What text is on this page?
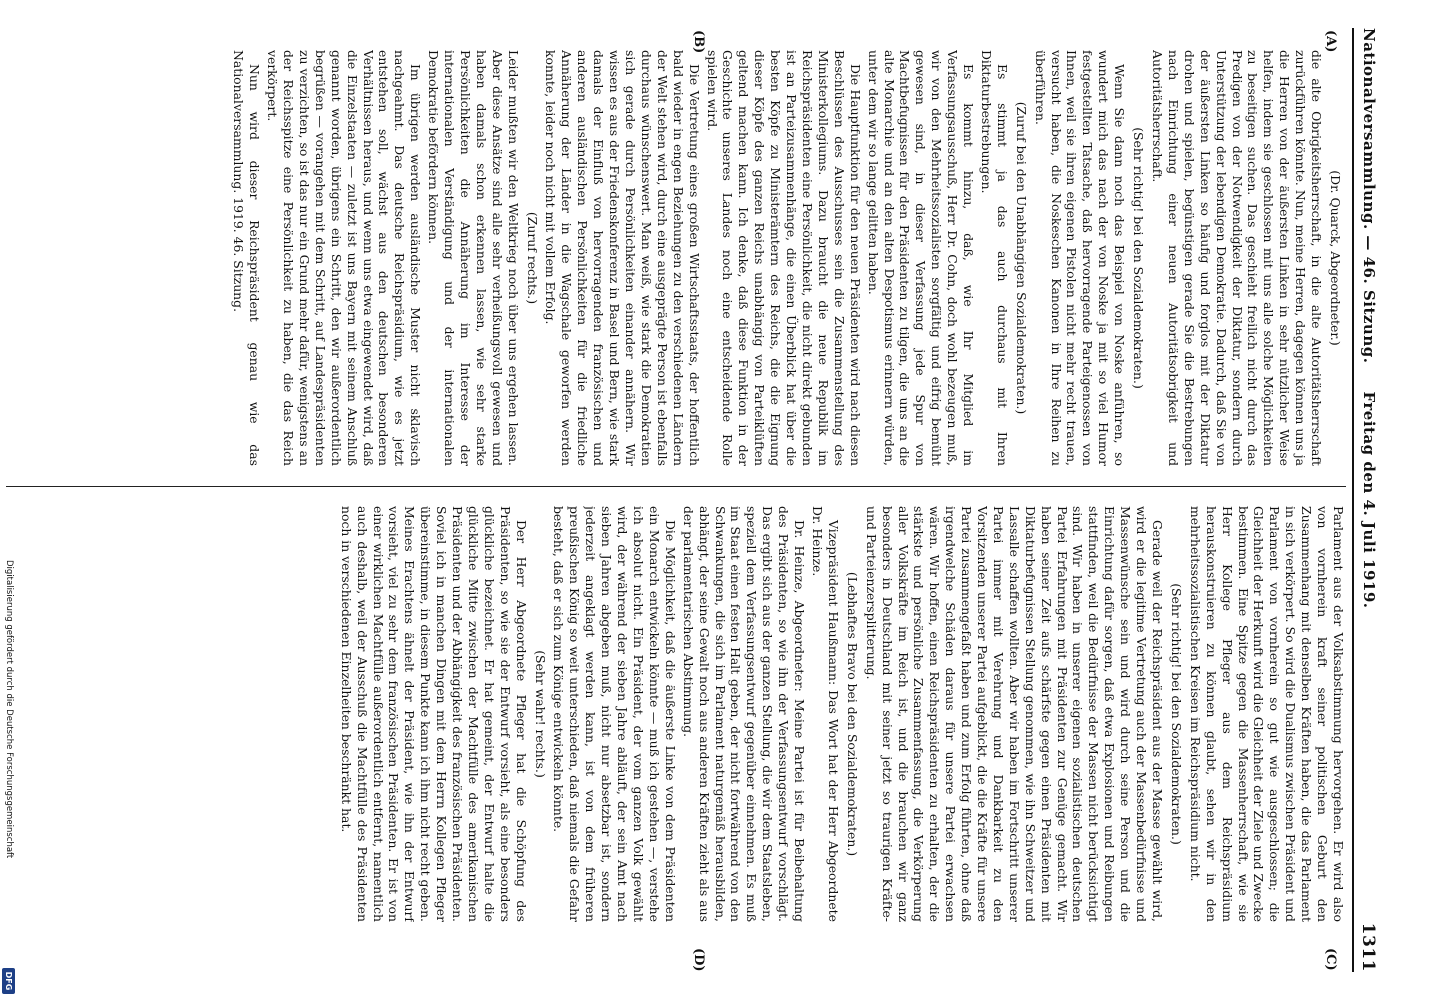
Digitalisierung gefördert durch die Deutsche Forschungsgemeinschaft
DFG
Nationalversammlung. — 46. Sitzung.
Freitag den 4. Juli 1919.
1311
(A)
(B)
(C)
(D)

(Dr. Quarck, Abgeordneter.)

die alte Obrigkeitsherrschaft, in die alte Autoritätsherrschaft zurückführen könnte. Nun, meine Herren, dagegen können uns ja die Herren von der äußersten Linken in sehr nützlicher Weise helfen, indem sie geschlossen mit uns alle solche Möglichkeiten zu beseitigen suchen. Das geschieht freilich nicht durch das Predigen von der Notwendigkeit der Diktatur, sondern durch Unterstützung der lebendigen Demokratie. Dadurch, daß Sie von der äußersten Linken so häufig und forglos mit der Diktatur drohen und spielen, begünstigen gerade Sie die Bestrebungen nach Einrichtung einer neuen Autoritätsobrigkeit und Autoritätsherrschaft.

(Sehr richtig! bei den Sozialdemokraten.)

Wenn Sie dann noch das Beispiel von Noske anführen, so wundert mich das nach der von Noske ja mit so viel Humor festgestellten Tatsache, daß hervorragende Parteigenossen von Ihnen, weil sie ihren eigenen Pistolen nicht mehr recht trauen, versucht haben, die Noskeschen Kanonen in Ihre Reihen zu überführen.

(Zuruf bei den Unabhängigen Sozialdemokraten.)

Es stimmt ja das auch durchaus mit Ihren Diktaturbestrebungen.

Es kommt hinzu, daß, wie Ihr Mitglied im Verfassungsausschuß, Herr Dr. Cohn, doch wohl bezeugen muß, wir von den Mehrheitssozialisten sorgfältig und eifrig bemüht gewesen sind, in dieser Verfassung jede Spur von Machtbefugnissen für den Präsidenten zu tilgen, die uns an die alte Monarchie und an den alten Despotismus erinnern würden, unter dem wir so lange gelitten haben.

Die Hauptfunktion für den neuen Präsidenten wird nach diesen Beschlüssen des Ausschusses sein die Zusammenstellung des Ministerkollegiums. Dazu braucht die neue Republik im Reichspräsidenten eine Persönlichkeit, die nicht direkt gebunden ist an Parteizusammenhänge, die einen Überblick hat über die besten Köpfe zu Ministerämtern des Reichs, die die Eignung dieser Köpfe des ganzen Reichs unabhängig von Parteiklüften geltend machen kann. Ich denke, daß diese Funktion in der Geschichte unseres Landes noch eine entscheidende Rolle spielen wird.

Die Vertretung eines großen Wirtschaftsstaats, der hoffentlich bald wieder in engen Beziehungen zu den verschiedenen Ländern der Welt stehen wird, durch eine ausgeprägte Person ist ebenfalls durchaus wünschenswert. Man weiß, wie stark die Demokratien sich gerade durch Persönlichkeiten einander annähern. Wir wissen es aus der Friedenskonferenz in Basel und Bern, wie stark damals der Einfluß von hervorragenden französischen und anderen ausländischen Persönlichkeiten für die friedliche Annäherung der Länder in die Wagschale geworfen werden konnte, leider noch nicht mit vollem Erfolg.

(Zuruf rechts.)

Leider mußten wir den Weltkrieg noch über uns ergehen lassen. Aber diese Ansätze sind alle sehr verheißungsvoll gewesen und haben damals schon erkennen lassen, wie sehr starke Persönlichkeiten die Annäherung im Interesse der internationalen Verständigung und der internationalen Demokratie befördern können.

Im übrigen werden ausländische Muster nicht sklavisch nachgeahmt. Das deutsche Reichspräsidium, wie es jetzt entstehen soll, wächst aus den deutschen besonderen Verhältnissen heraus, und wenn uns etwa eingewendet wird, daß die Einzelstaaten — zuletzt ist uns Bayern mit seinem Anschluß genannt worden, übrigens ein Schritt, den wir außerordentlich begrüßen — vorangehen mit dem Schritt, auf Landespräsidenten zu verzichten, so ist das nur ein Grund mehr dafür, wenigstens an der Reichsspitze eine Persönlichkeit zu haben, die das Reich verkörpert.

Nun wird dieser Reichspräsident genau wie das Nationalversammlung. 1919. 46. Sitzung.

Parlament aus der Volksabstimmung hervorgehen. Er wird also von vornherein kraft seiner politischen Geburt den Zusammenhang mit denselben Kräften haben, die das Parlament in sich verkörpert. So wird die Dualismus zwischen Präsident und Parlament von vornherein so gut wie ausgeschlossen; die Gleichheit der Herkunft wird die Gleichheit der Ziele und Zwecke bestimmen. Eine Spitze gegen die Massenherrschaft, wie sie Herr Kollege Pfleger aus dem Reichspräsidium herauskonstruieren zu können glaubt, sehen wir in den mehrheitssozialistischen Kreisen im Reichspräsidium nicht.

(Sehr richtig! bei den Sozialdemokraten.)

Gerade weil der Reichspräsident aus der Masse gewählt wird, wird er die legitime Vertretung auch der Massenbedürfnisse und Massenwünsche sein und wird durch seine Person und die Einrichtung dafür sorgen, daß etwa Explosionen und Reibungen stattfinden, weil die Bedürfnisse der Massen nicht berücksichtigt sind. Wir haben in unserer eigenen sozialistischen deutschen Partei Erfahrungen mit Präsidenten zur Genüge gemacht. Wir haben seiner Zeit aufs schärfste gegen einen Präsidenten mit Diktaturbefugnissen Stellung genommen, wie ihn Schweitzer und Lassalle schaffen wollten. Aber wir haben im Fortschritt unserer Partei immer mit Verehrung und Dankbarkeit zu den Vorsitzenden unserer Partei aufgeblickt, die die Kräfte für unsere Partei zusammengefaßt haben und zum Erfolg führten, ohne daß irgendwelche Schäden daraus für unsere Partei erwachsen wären. Wir hoffen, einen Reichspräsidenten zu erhalten, der die stärkste und persönliche Zusammenfassung, die Verkörperung aller Volkskräfte im Reich ist, und die brauchen wir ganz besonders in Deutschland mit seiner jetzt so traurigen Kräfte- und Parteienzersplitterung.

(Lebhaftes Bravo bei den Sozialdemokraten.)

Vizepräsident Haußmann: Das Wort hat der Herr Abgeordnete Dr. Heinze.

Dr. Heinze, Abgeordneter: Meine Partei ist für Beibehaltung des Präsidenten, so wie ihn der Verfassungsentwurf vorschlägt. Das ergibt sich aus der ganzen Stellung, die wir dem Staatsleben, speziell dem Verfassungsentwurf gegenüber einnehmen. Es muß im Staat einen festen Halt geben, der nicht fortwährend von den Schwankungen, die sich im Parlament naturgemäß herausbilden, abhängt, der seine Gewalt noch aus anderen Kräften zieht als aus der parlamentarischen Abstimmung.

Die Möglichkeit, daß die äußerste Linke von dem Präsidenten ein Monarch entwickeln könnte — muß ich gestehen —, verstehe ich absolut nicht. Ein Präsident, der vom ganzen Volk gewählt wird, der während der sieben Jahre abläuft, der sein Amt nach sieben Jahren abgeben muß, nicht nur absetzbar ist, sondern jederzeit angeklagt werden kann, ist von dem früheren preußischen König so weit unterschieden, daß niemals die Gefahr besteht, daß er sich zum Könige entwickeln könnte.

(Sehr wahr! rechts.)

Der Herr Abgeordnete Pfleger hat die Schöpfung des Präsidenten, so wie sie der Entwurf vorsieht, als eine besonders glückliche bezeichnet. Er hat gemeint, der Entwurf halte die glückliche Mitte zwischen der Machtfülle des amerikanischen Präsidenten und der Abhängigkeit des französischen Präsidenten. Soviel ich in manchen Dingen mit dem Herrn Kollegen Pfleger übereinstimme, in diesem Punkte kann ich ihm nicht recht geben. Meines Erachtens ähnelt der Präsident, wie ihn der Entwurf vorsieht, viel zu sehr dem französischen Präsidenten. Er ist von einer wirklichen Machtfülle außerordentlich entfernt, namentlich auch deshalb, weil der Ausschuß die Machtfülle des Präsidenten noch in verschiedenen Einzelheiten beschränkt hat.
